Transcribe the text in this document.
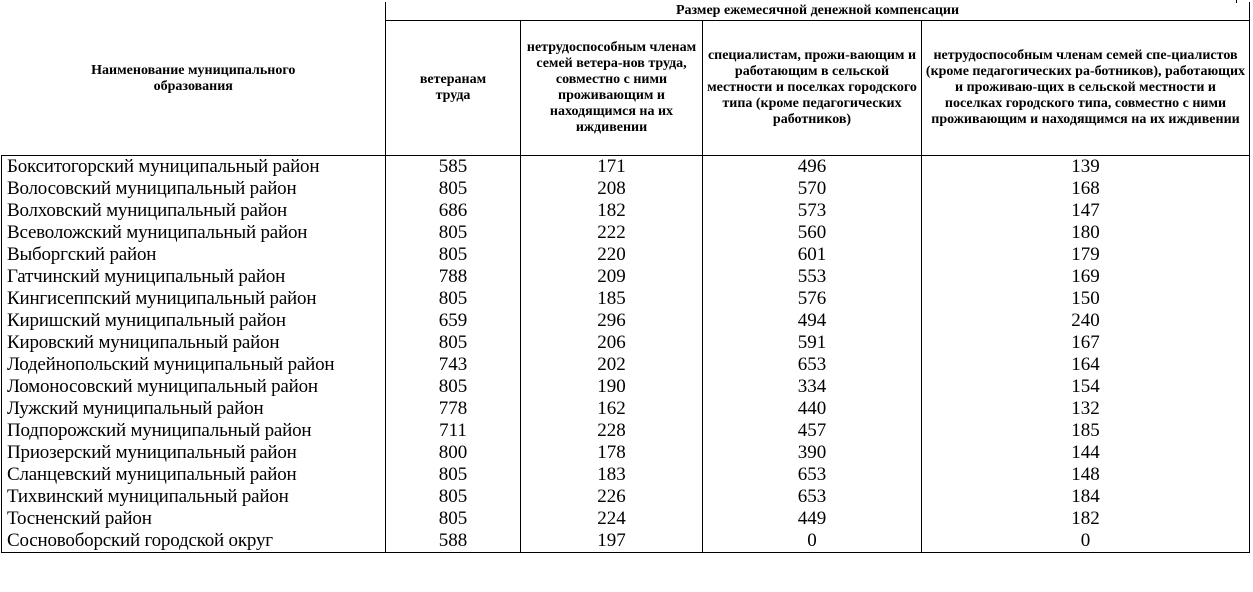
Наименование муниципального образования	Размер ежемесячной денежной компенсации			

	ветеранам труда	нетрудоспособным членам семей ветера-нов труда, совместно с ними проживающим и находящимся на их иждивении	специалистам, прожи-вающим и работающим в сельской местности и поселках городского типа (кроме педагогических работников)	нетрудоспособным членам семей спе-циалистов (кроме педагогических ра-ботников), работающих и проживаю-щих в сельской местности и поселках городского типа, совместно с ними проживающим и находящимся на их иждивении

Бокситогорский муниципальный район	585	171	496	139
Волосовский муниципальный район	805	208	570	168
Волховский муниципальный район	686	182	573	147
Всеволожский муниципальный район	805	222	560	180
Выборгский район	805	220	601	179
Гатчинский муниципальный район	788	209	553	169
Кингисеппский муниципальный район	805	185	576	150
Киришский муниципальный район	659	296	494	240
Кировский муниципальный район	805	206	591	167
Лодейнопольский муниципальный район	743	202	653	164
Ломоносовский муниципальный район	805	190	334	154
Лужский муниципальный район	778	162	440	132
Подпорожский муниципальный район	711	228	457	185
Приозерский муниципальный район	800	178	390	144
Сланцевский муниципальный район	805	183	653	148
Тихвинский муниципальный район	805	226	653	184
Тосненский район	805	224	449	182
Сосновоборский городской округ	588	197	0	0
